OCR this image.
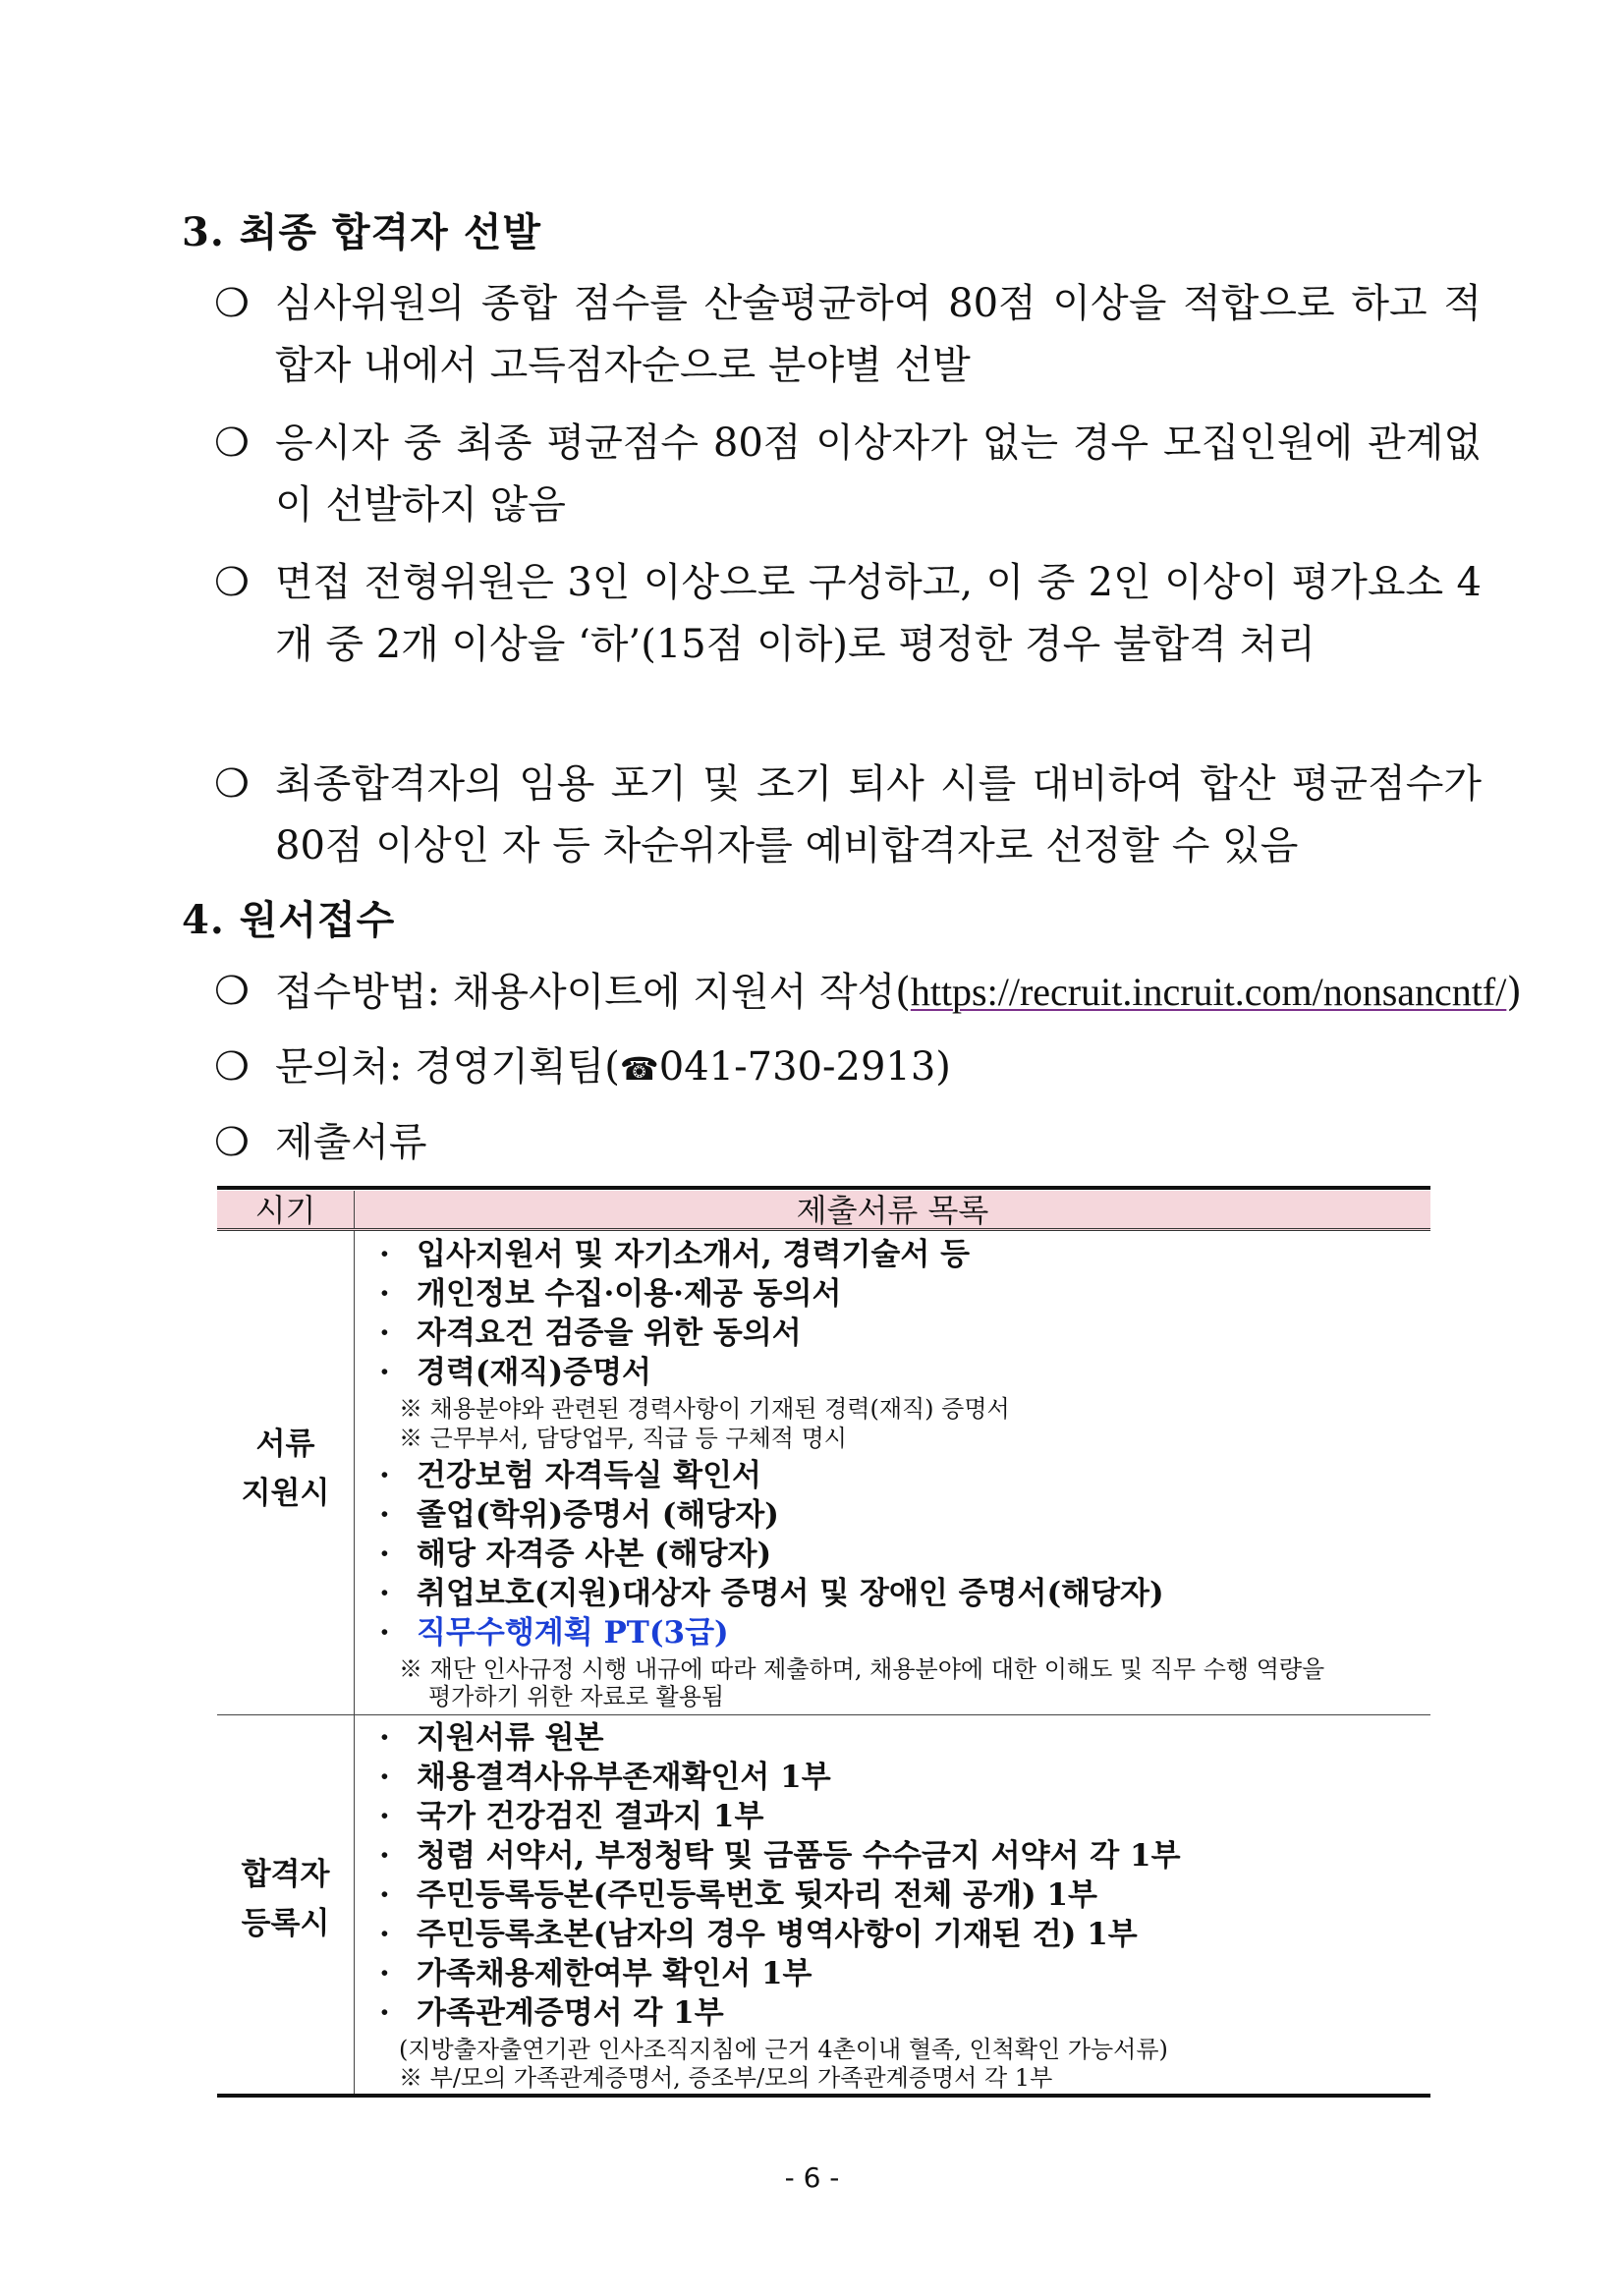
3. 최종 합격자 선발
❍ 심사위원의 종합 점수를 산술평균하여 80점 이상을 적합으로 하고 적합자 내에서 고득점자순으로 분야별 선발
❍ 응시자 중 최종 평균점수 80점 이상자가 없는 경우 모집인원에 관계없이 선발하지 않음
❍ 면접 전형위원은 3인 이상으로 구성하고, 이 중 2인 이상이 평가요소 4개 중 2개 이상을 ‘하’(15점 이하)로 평정한 경우 불합격 처리
❍ 최종합격자의 임용 포기 및 조기 퇴사 시를 대비하여 합산 평균점수가 80점 이상인 자 등 차순위자를 예비합격자로 선정할 수 있음
4. 원서접수
❍ 접수방법: 채용사이트에 지원서 작성(https://recruit.incruit.com/nonsancntf/)
❍ 문의처: 경영기획팀(☎041-730-2913)
❍ 제출서류
시기	제출서류 목록
서류
지원시
· 입사지원서 및 자기소개서, 경력기술서 등
· 개인정보 수집·이용·제공 동의서
· 자격요건 검증을 위한 동의서
· 경력(재직)증명서
※ 채용분야와 관련된 경력사항이 기재된 경력(재직) 증명서
※ 근무부서, 담당업무, 직급 등 구체적 명시
· 건강보험 자격득실 확인서
· 졸업(학위)증명서 (해당자)
· 해당 자격증 사본 (해당자)
· 취업보호(지원)대상자 증명서 및 장애인 증명서(해당자)
· 직무수행계획 PT(3급)
※ 재단 인사규정 시행 내규에 따라 제출하며, 채용분야에 대한 이해도 및 직무 수행 역량을
평가하기 위한 자료로 활용됨
합격자
등록시
· 지원서류 원본
· 채용결격사유부존재확인서 1부
· 국가 건강검진 결과지 1부
· 청렴 서약서, 부정청탁 및 금품등 수수금지 서약서 각 1부
· 주민등록등본(주민등록번호 뒷자리 전체 공개) 1부
· 주민등록초본(남자의 경우 병역사항이 기재된 건) 1부
· 가족채용제한여부 확인서 1부
· 가족관계증명서 각 1부
(지방출자출연기관 인사조직지침에 근거 4촌이내 혈족, 인척확인 가능서류)
※ 부/모의 가족관계증명서, 증조부/모의 가족관계증명서 각 1부
- 6 -
